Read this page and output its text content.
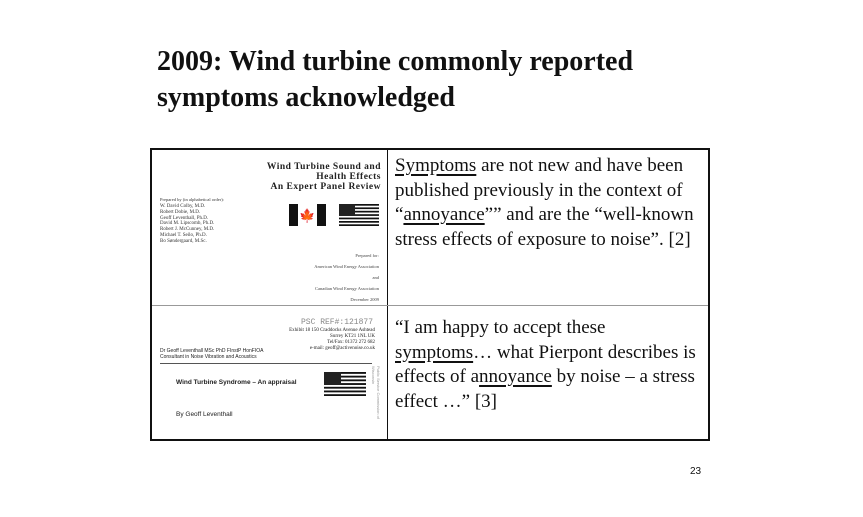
2009: Wind turbine commonly reported
symptoms acknowledged
Wind Turbine Sound and
Health Effects
An Expert Panel Review
Prepared by (in alphabetical order):
W. David Colby, M.D.
Robert Dobie, M.D.
Geoff Leventhall, Ph.D.
David M. Lipscomb, Ph.D.
Robert J. McCunney, M.D.
Michael T. Seilo, Ph.D.
Bo Søndergaard, M.Sc.
🍁
Prepared for:
American Wind Energy Association
and
Canadian Wind Energy Association
December 2009
Symptoms are not new and have been published previously in the context of “annoyance”” and are the “well-known stress effects of exposure to noise”. [2]
PSC REF#:121877
Exhibit 18 150 Craddocks Avenue Ashtead
Surrey KT21 1NL UK
Tel/Fax: 01372 272 682
e-mail: geoff@activenoise.co.uk
Dr Geoff Leventhall MSc PhD FInstP HonFIOA
Consultant in Noise Vibration and Acoustics
Wind Turbine Syndrome – An appraisal
By Geoff Leventhall	Public Service Commission of Wisconsin
“I am happy to accept these symptoms… what Pierpont describes is effects of annoyance by noise – a stress effect …” [3]
23
